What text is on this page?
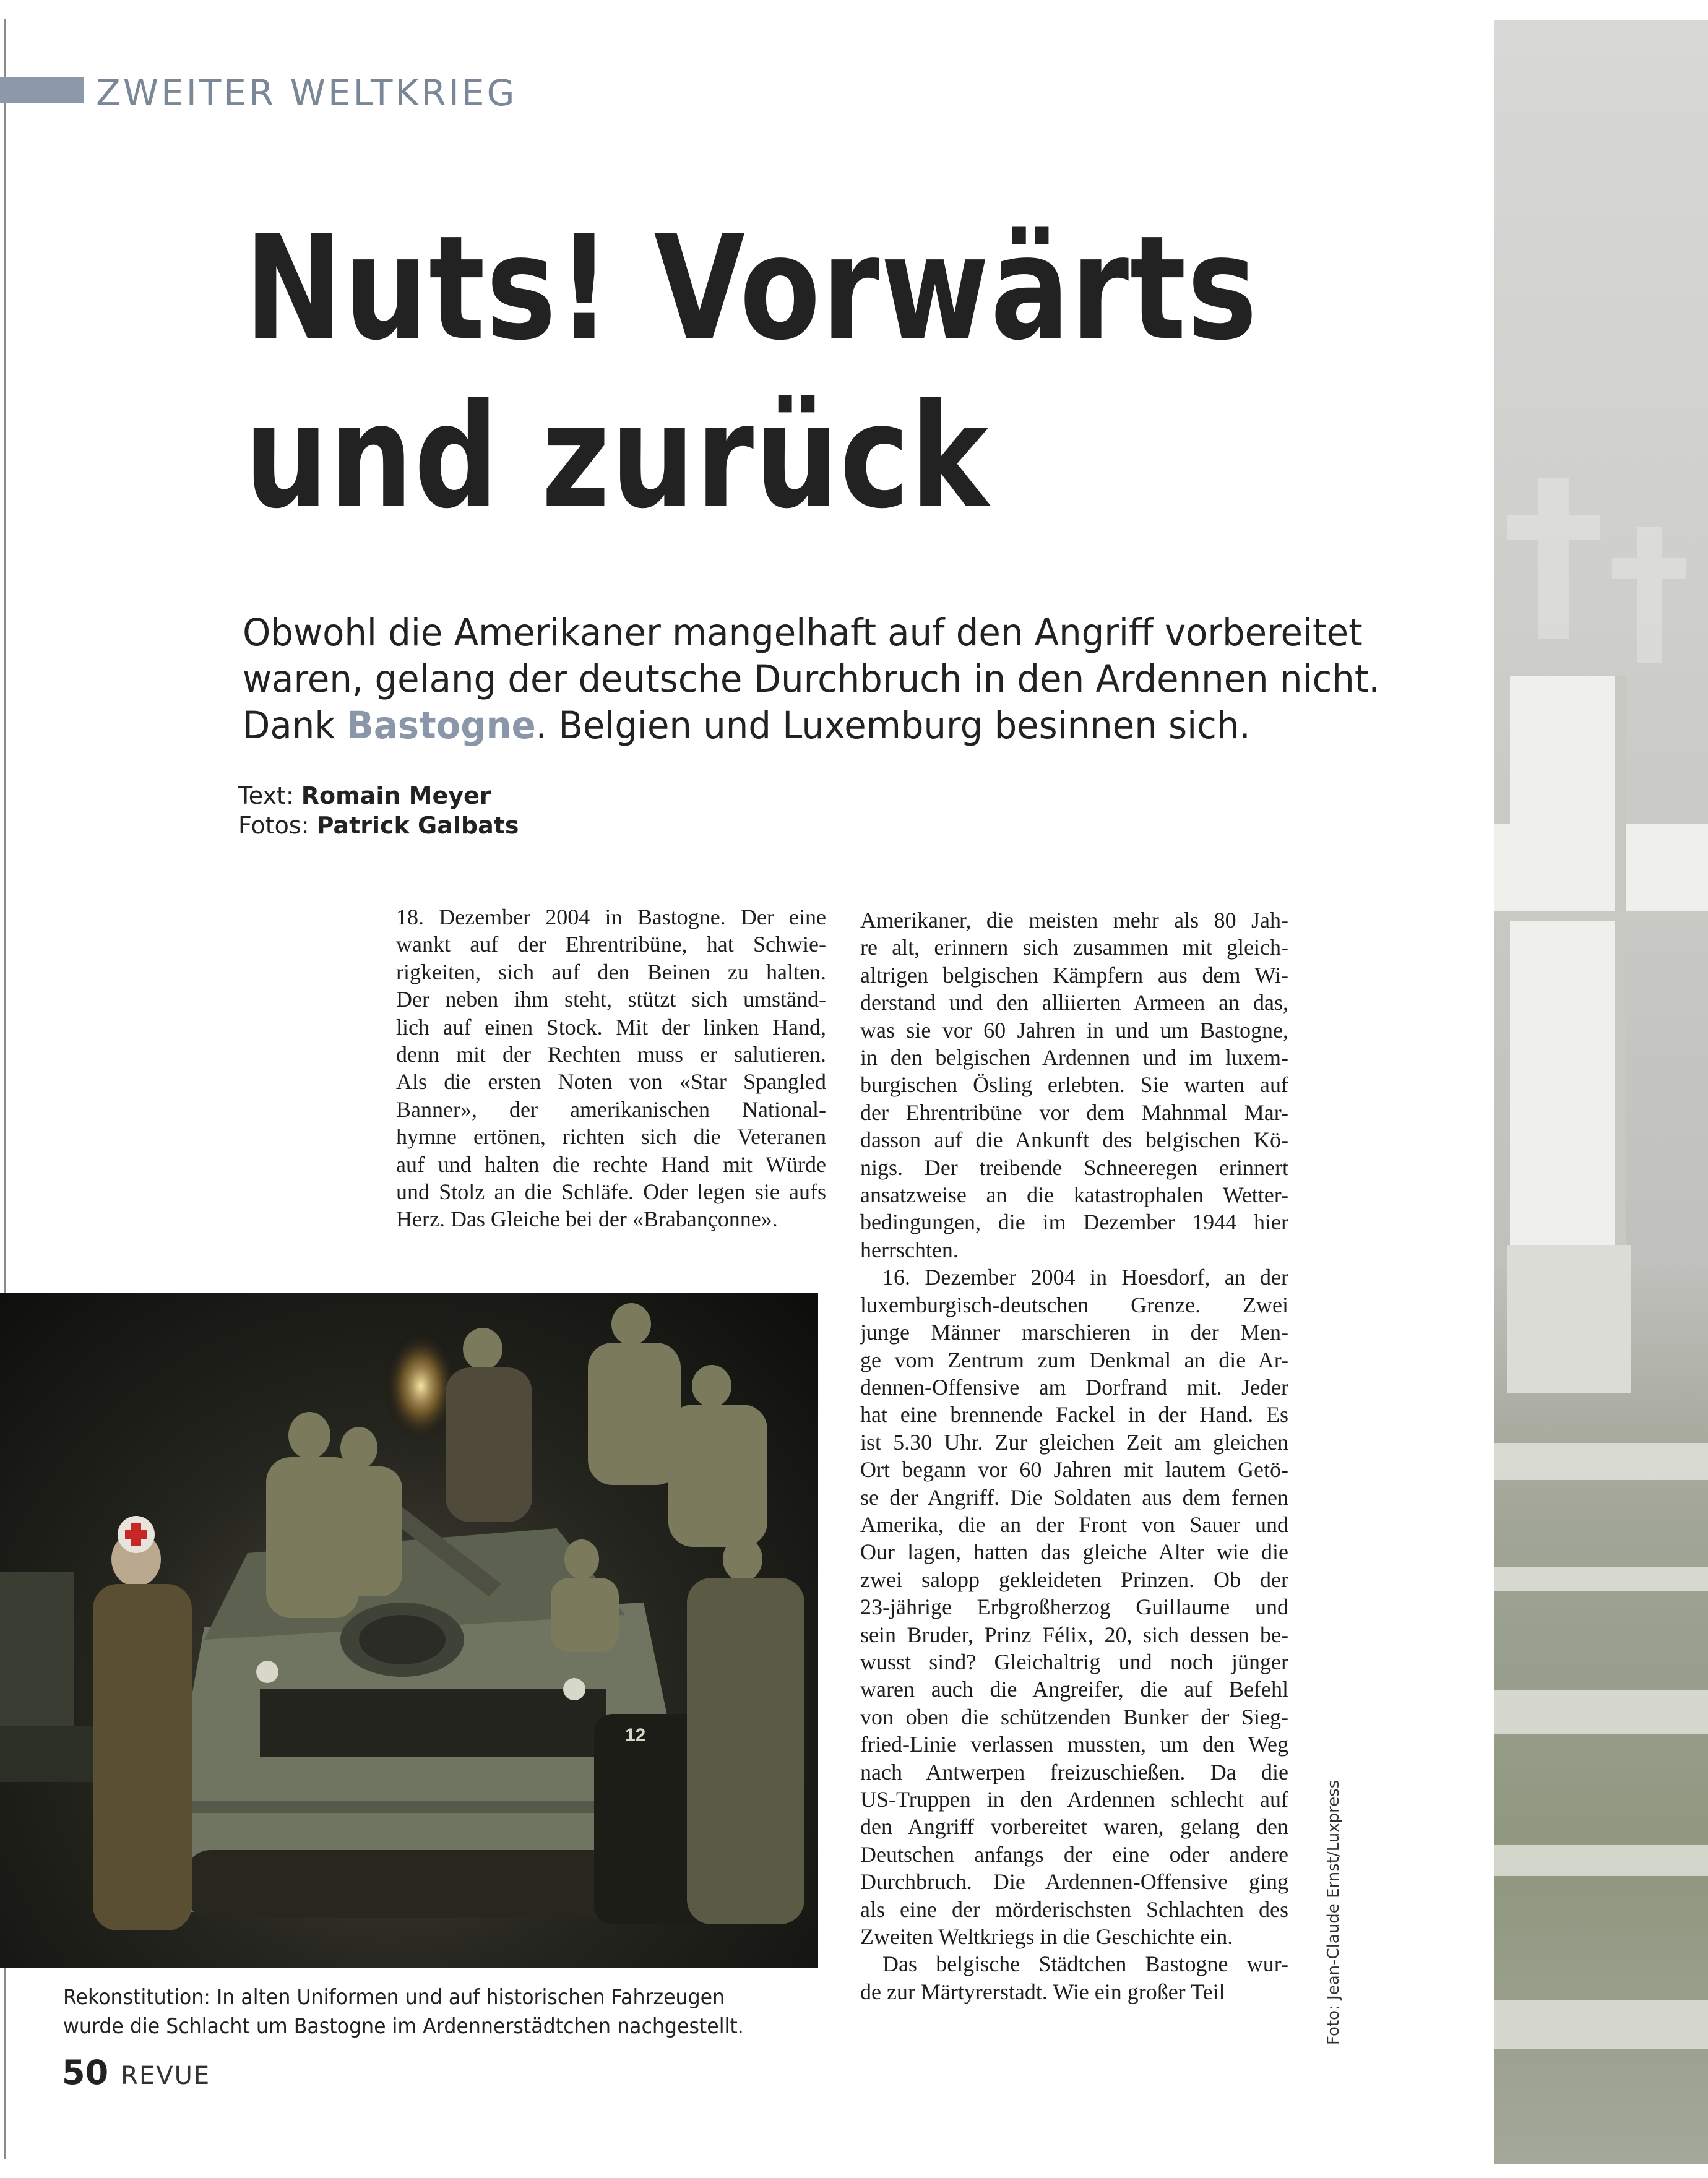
ZWEITER WELTKRIEG
Nuts! Vorwärts
und zurück

Obwohl die Amerikaner mangelhaft auf den Angriff vorbereitet
waren, gelang der deutsche Durchbruch in den Ardennen nicht.
Dank Bastogne. Belgien und Luxemburg besinnen sich.

Text: Romain Meyer
Fotos: Patrick Galbats
18. Dezember 2004 in Bastogne. Der eine
wankt auf der Ehrentribüne, hat Schwie-
rigkeiten, sich auf den Beinen zu halten.
Der neben ihm steht, stützt sich umständ-
lich auf einen Stock. Mit der linken Hand,
denn mit der Rechten muss er salutieren.
Als die ersten Noten von «Star Spangled
Banner», der amerikanischen National-
hymne ertönen, richten sich die Veteranen
auf und halten die rechte Hand mit Würde
und Stolz an die Schläfe. Oder legen sie aufs
Herz. Das Gleiche bei der «Brabançonne».
Amerikaner, die meisten mehr als 80 Jah-
re alt, erinnern sich zusammen mit gleich-
altrigen belgischen Kämpfern aus dem Wi-
derstand und den alliierten Armeen an das,
was sie vor 60 Jahren in und um Bastogne,
in den belgischen Ardennen und im luxem-
burgischen Ösling erlebten. Sie warten auf
der Ehrentribüne vor dem Mahnmal Mar-
dasson auf die Ankunft des belgischen Kö-
nigs. Der treibende Schneeregen erinnert
ansatzweise an die katastrophalen Wetter-
bedingungen, die im Dezember 1944 hier
herrschten.
16. Dezember 2004 in Hoesdorf, an der
luxemburgisch-deutschen Grenze. Zwei
junge Männer marschieren in der Men-
ge vom Zentrum zum Denkmal an die Ar-
dennen-Offensive am Dorfrand mit. Jeder
hat eine brennende Fackel in der Hand. Es
ist 5.30 Uhr. Zur gleichen Zeit am gleichen
Ort begann vor 60 Jahren mit lautem Getö-
se der Angriff. Die Soldaten aus dem fernen
Amerika, die an der Front von Sauer und
Our lagen, hatten das gleiche Alter wie die
zwei salopp gekleideten Prinzen. Ob der
23-jährige Erbgroßherzog Guillaume und
sein Bruder, Prinz Félix, 20, sich dessen be-
wusst sind? Gleichaltrig und noch jünger
waren auch die Angreifer, die auf Befehl
von oben die schützenden Bunker der Sieg-
fried-Linie verlassen mussten, um den Weg
nach Antwerpen freizuschießen. Da die
US-Truppen in den Ardennen schlecht auf
den Angriff vorbereitet waren, gelang den
Deutschen anfangs der eine oder andere
Durchbruch. Die Ardennen-Offensive ging
als eine der mörderischsten Schlachten des
Zweiten Weltkriegs in die Geschichte ein.
Das belgische Städtchen Bastogne wur-
de zur Märtyrerstadt. Wie ein großer Teil
12
Rekonstitution: In alten Uniformen und auf historischen Fahrzeugen
wurde die Schlacht um Bastogne im Ardennerstädtchen nachgestellt.
50 REVUE
Foto: Jean-Claude Ernst/Luxpress
